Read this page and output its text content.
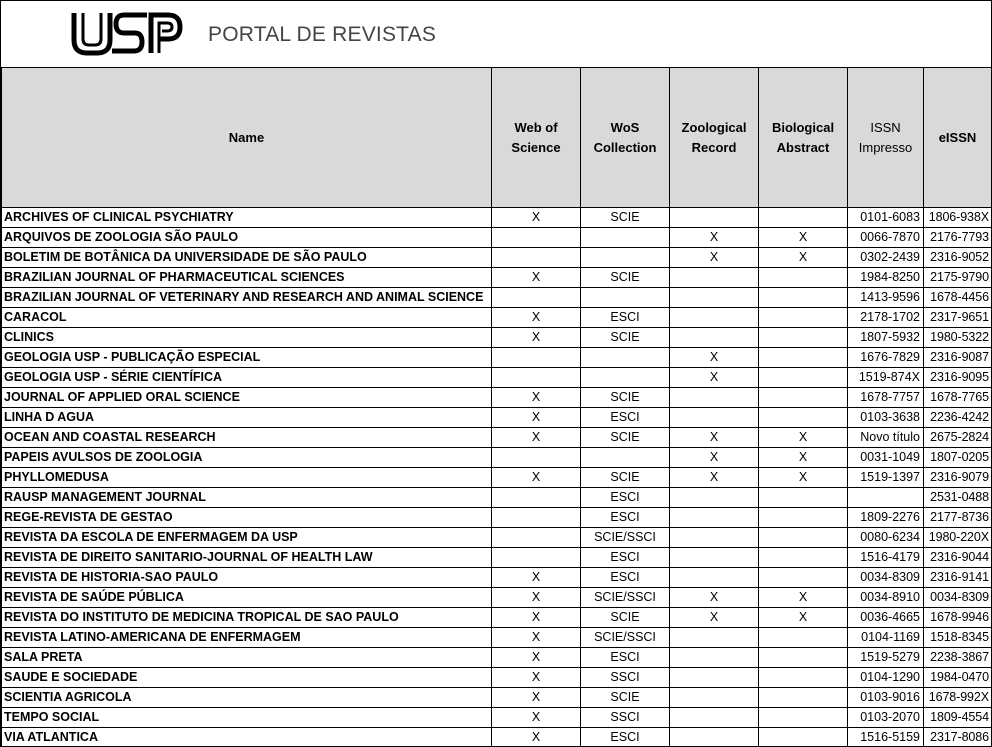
PORTAL DE REVISTAS
Name	Web of Science	WoS Collection	Zoological Record	Biological Abstract	ISSN Impresso	eISSN
ARCHIVES OF CLINICAL PSYCHIATRY	X	SCIE			0101-6083	1806-938X
ARQUIVOS DE ZOOLOGIA SÃO PAULO			X	X	0066-7870	2176-7793
BOLETIM DE BOTÂNICA DA UNIVERSIDADE DE SÃO PAULO			X	X	0302-2439	2316-9052
BRAZILIAN JOURNAL OF PHARMACEUTICAL SCIENCES	X	SCIE			1984-8250	2175-9790
BRAZILIAN JOURNAL OF VETERINARY AND RESEARCH AND ANIMAL SCIENCE					1413-9596	1678-4456
CARACOL	X	ESCI			2178-1702	2317-9651
CLINICS	X	SCIE			1807-5932	1980-5322
GEOLOGIA USP - PUBLICAÇÃO ESPECIAL			X		1676-7829	2316-9087
GEOLOGIA USP - SÉRIE CIENTÍFICA			X		1519-874X	2316-9095
JOURNAL OF APPLIED ORAL SCIENCE	X	SCIE			1678-7757	1678-7765
LINHA D AGUA	X	ESCI			0103-3638	2236-4242
OCEAN AND COASTAL RESEARCH	X	SCIE	X	X	Novo título	2675-2824
PAPEIS AVULSOS DE ZOOLOGIA			X	X	0031-1049	1807-0205
PHYLLOMEDUSA	X	SCIE	X	X	1519-1397	2316-9079
RAUSP MANAGEMENT JOURNAL		ESCI				2531-0488
REGE-REVISTA DE GESTAO		ESCI			1809-2276	2177-8736
REVISTA DA ESCOLA DE ENFERMAGEM DA USP		SCIE/SSCI			0080-6234	1980-220X
REVISTA DE DIREITO SANITARIO-JOURNAL OF HEALTH LAW		ESCI			1516-4179	2316-9044
REVISTA DE HISTORIA-SAO PAULO	X	ESCI			0034-8309	2316-9141
REVISTA DE SAÚDE PÚBLICA	X	SCIE/SSCI	X	X	0034-8910	0034-8309
REVISTA DO INSTITUTO DE MEDICINA TROPICAL DE SAO PAULO	X	SCIE	X	X	0036-4665	1678-9946
REVISTA LATINO-AMERICANA DE ENFERMAGEM	X	SCIE/SSCI			0104-1169	1518-8345
SALA PRETA	X	ESCI			1519-5279	2238-3867
SAUDE E SOCIEDADE	X	SSCI			0104-1290	1984-0470
SCIENTIA AGRICOLA	X	SCIE			0103-9016	1678-992X
TEMPO SOCIAL	X	SSCI			0103-2070	1809-4554
VIA ATLANTICA	X	ESCI			1516-5159	2317-8086
